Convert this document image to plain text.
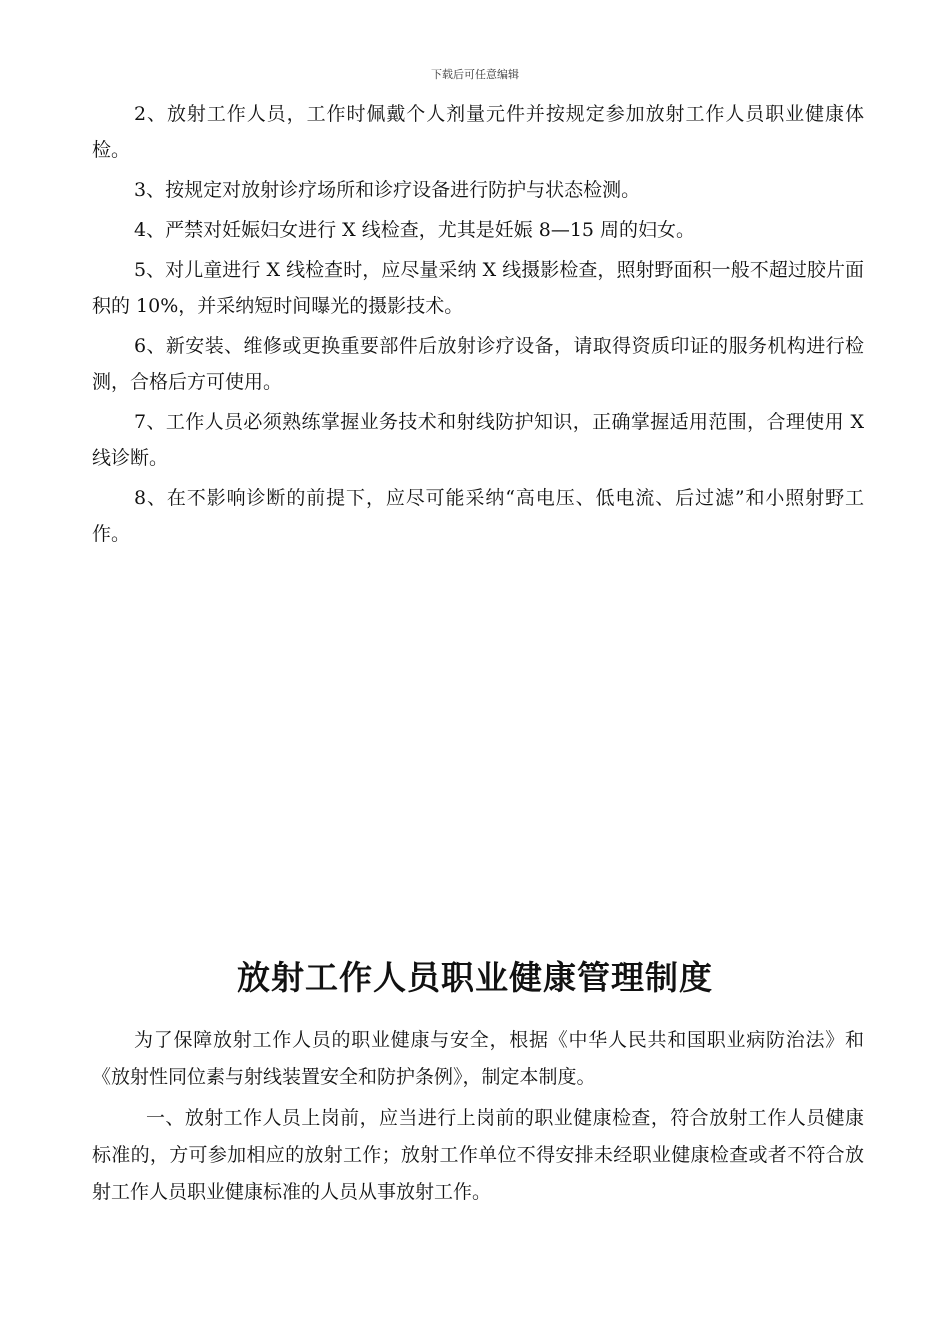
下载后可任意编辑

2、放射工作人员，工作时佩戴个人剂量元件并按规定参加放射工作人员职业健康体检。

3、按规定对放射诊疗场所和诊疗设备进行防护与状态检测。

4、严禁对妊娠妇女进行 X 线检查，尤其是妊娠 8—15 周的妇女。

5、对儿童进行 X 线检查时，应尽量采纳 X 线摄影检查，照射野面积一般不超过胶片面积的 10%，并采纳短时间曝光的摄影技术。

6、新安装、维修或更换重要部件后放射诊疗设备，请取得资质印证的服务机构进行检测，合格后方可使用。

7、工作人员必须熟练掌握业务技术和射线防护知识，正确掌握适用范围，合理使用 X 线诊断。

8、在不影响诊断的前提下，应尽可能采纳“高电压、低电流、后过滤”和小照射野工作。

放射工作人员职业健康管理制度

为了保障放射工作人员的职业健康与安全，根据《中华人民共和国职业病防治法》和《放射性同位素与射线装置安全和防护条例》，制定本制度。

一、放射工作人员上岗前，应当进行上岗前的职业健康检查，符合放射工作人员健康标准的，方可参加相应的放射工作；放射工作单位不得安排未经职业健康检查或者不符合放射工作人员职业健康标准的人员从事放射工作。
